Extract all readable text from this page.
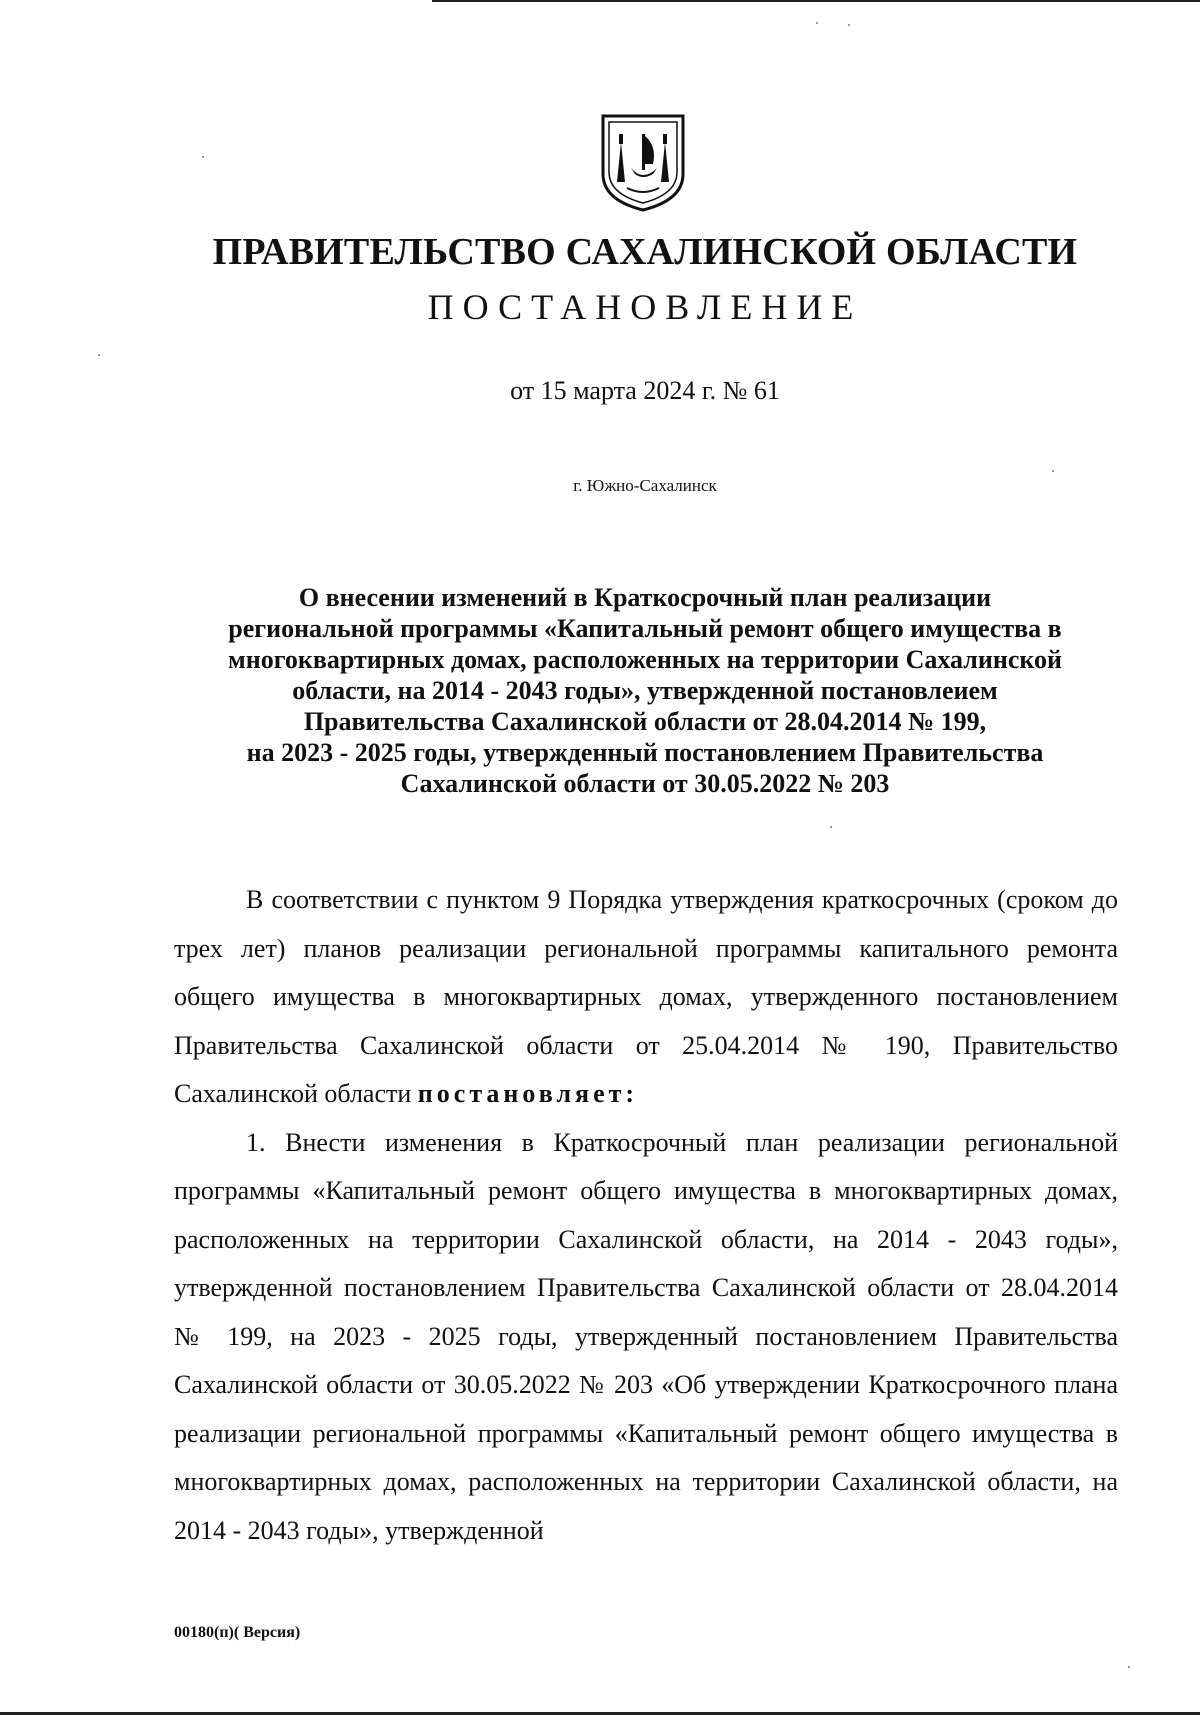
ПРАВИТЕЛЬСТВО САХАЛИНСКОЙ ОБЛАСТИ
ПОСТАНОВЛЕНИЕ
от 15 марта 2024 г. № 61
г. Южно-Сахалинск
О внесении изменений в Краткосрочный план реализации
региональной программы «Капитальный ремонт общего имущества в
многоквартирных домах, расположенных на территории Сахалинской
области, на 2014 - 2043 годы», утвержденной постановлеием
Правительства Сахалинской области от 28.04.2014 № 199,
на 2023 - 2025 годы, утвержденный постановлением Правительства
Сахалинской области от 30.05.2022 № 203

В соответствии с пунктом 9 Порядка утверждения краткосрочных (сроком до трех лет) планов реализации региональной программы капитального ремонта общего имущества в многоквартирных домах, утвержденного постановлением Правительства Сахалинской области от 25.04.2014 № 190, Правительство Сахалинской области постановляет:

1. Внести изменения в Краткосрочный план реализации региональной программы «Капитальный ремонт общего имущества в многоквартирных домах, расположенных на территории Сахалинской области, на 2014 - 2043 годы», утвержденной постановлением Правительства Сахалинской области от 28.04.2014 № 199, на 2023 - 2025 годы, утвержденный постановлением Правительства Сахалинской области от 30.05.2022 № 203 «Об утверждении Краткосрочного плана реализации региональной программы «Капитальный ремонт общего имущества в многоквартирных домах, расположенных на территории Сахалинской области, на 2014 - 2043 годы», утвержденной

00180(п)( Версия)
